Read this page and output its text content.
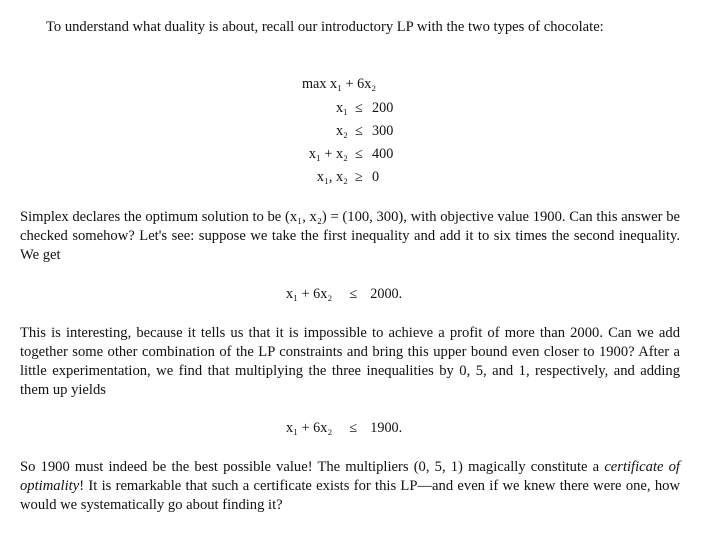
To understand what duality is about, recall our introductory LP with the two types of chocolate:

max x₁ + 6x₂
x₁ ≤ 200
x₂ ≤ 300
x₁ + x₂ ≤ 400
x₁, x₂ ≥ 0

Simplex declares the optimum solution to be (x₁, x₂) = (100, 300), with objective value 1900. Can this answer be checked somehow? Let's see: suppose we take the first inequality and add it to six times the second inequality. We get

x₁ + 6x₂ ≤ 2000.

This is interesting, because it tells us that it is impossible to achieve a profit of more than 2000. Can we add together some other combination of the LP constraints and bring this upper bound even closer to 1900? After a little experimentation, we find that multiplying the three inequalities by 0, 5, and 1, respectively, and adding them up yields

x₁ + 6x₂ ≤ 1900.

So 1900 must indeed be the best possible value! The multipliers (0, 5, 1) magically constitute a certificate of optimality! It is remarkable that such a certificate exists for this LP—and even if we knew there were one, how would we systematically go about finding it?
